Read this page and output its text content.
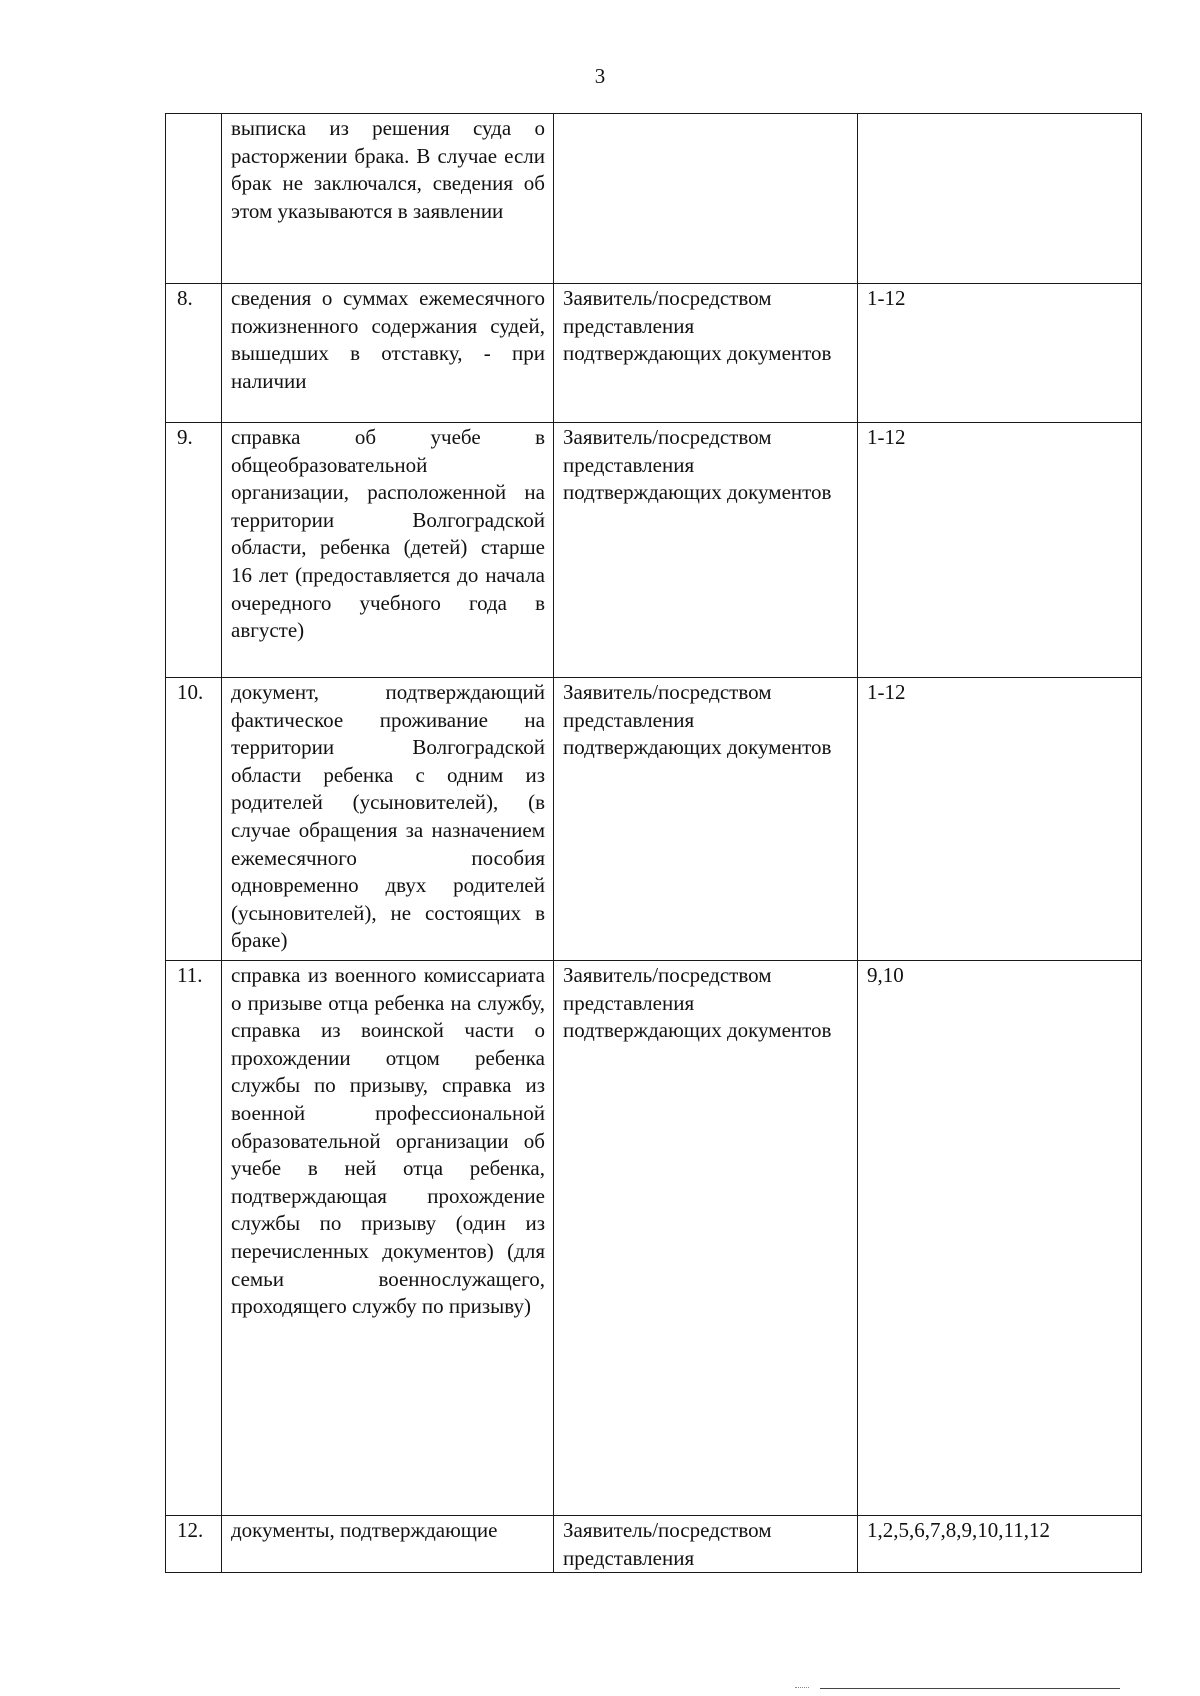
3
	выписка из решения суда о расторжении брака. В случае если брак не заключался, сведения об этом указываются в заявлении		
8.	сведения о суммах ежемесячного пожизненного содержания судей, вышедших в отставку, - при наличии	Заявитель/посредством представления подтверждающих документов	1-12
9.	справка об учебе в общеобразовательной организации, расположенной на территории Волгоградской области, ребенка (детей) старше 16 лет (предоставляется до начала очередного учебного года в августе)	Заявитель/посредством представления подтверждающих документов	1-12
10.	документ, подтверждающий фактическое проживание на территории Волгоградской области ребенка с одним из родителей (усыновителей), (в случае обращения за назначением ежемесячного пособия одновременно двух родителей (усыновителей), не состоящих в браке)	Заявитель/посредством представления подтверждающих документов	1-12
11.	справка из военного комиссариата о призыве отца ребенка на службу, справка из воинской части о прохождении отцом ребенка службы по призыву, справка из военной профессиональной образовательной организации об учебе в ней отца ребенка, подтверждающая прохождение службы по призыву (один из перечисленных документов) (для семьи военнослужащего, проходящего службу по призыву)	Заявитель/посредством представления подтверждающих документов	9,10
12.	документы, подтверждающие	Заявитель/посредством представления	1,2,5,6,7,8,9,10,11,12
